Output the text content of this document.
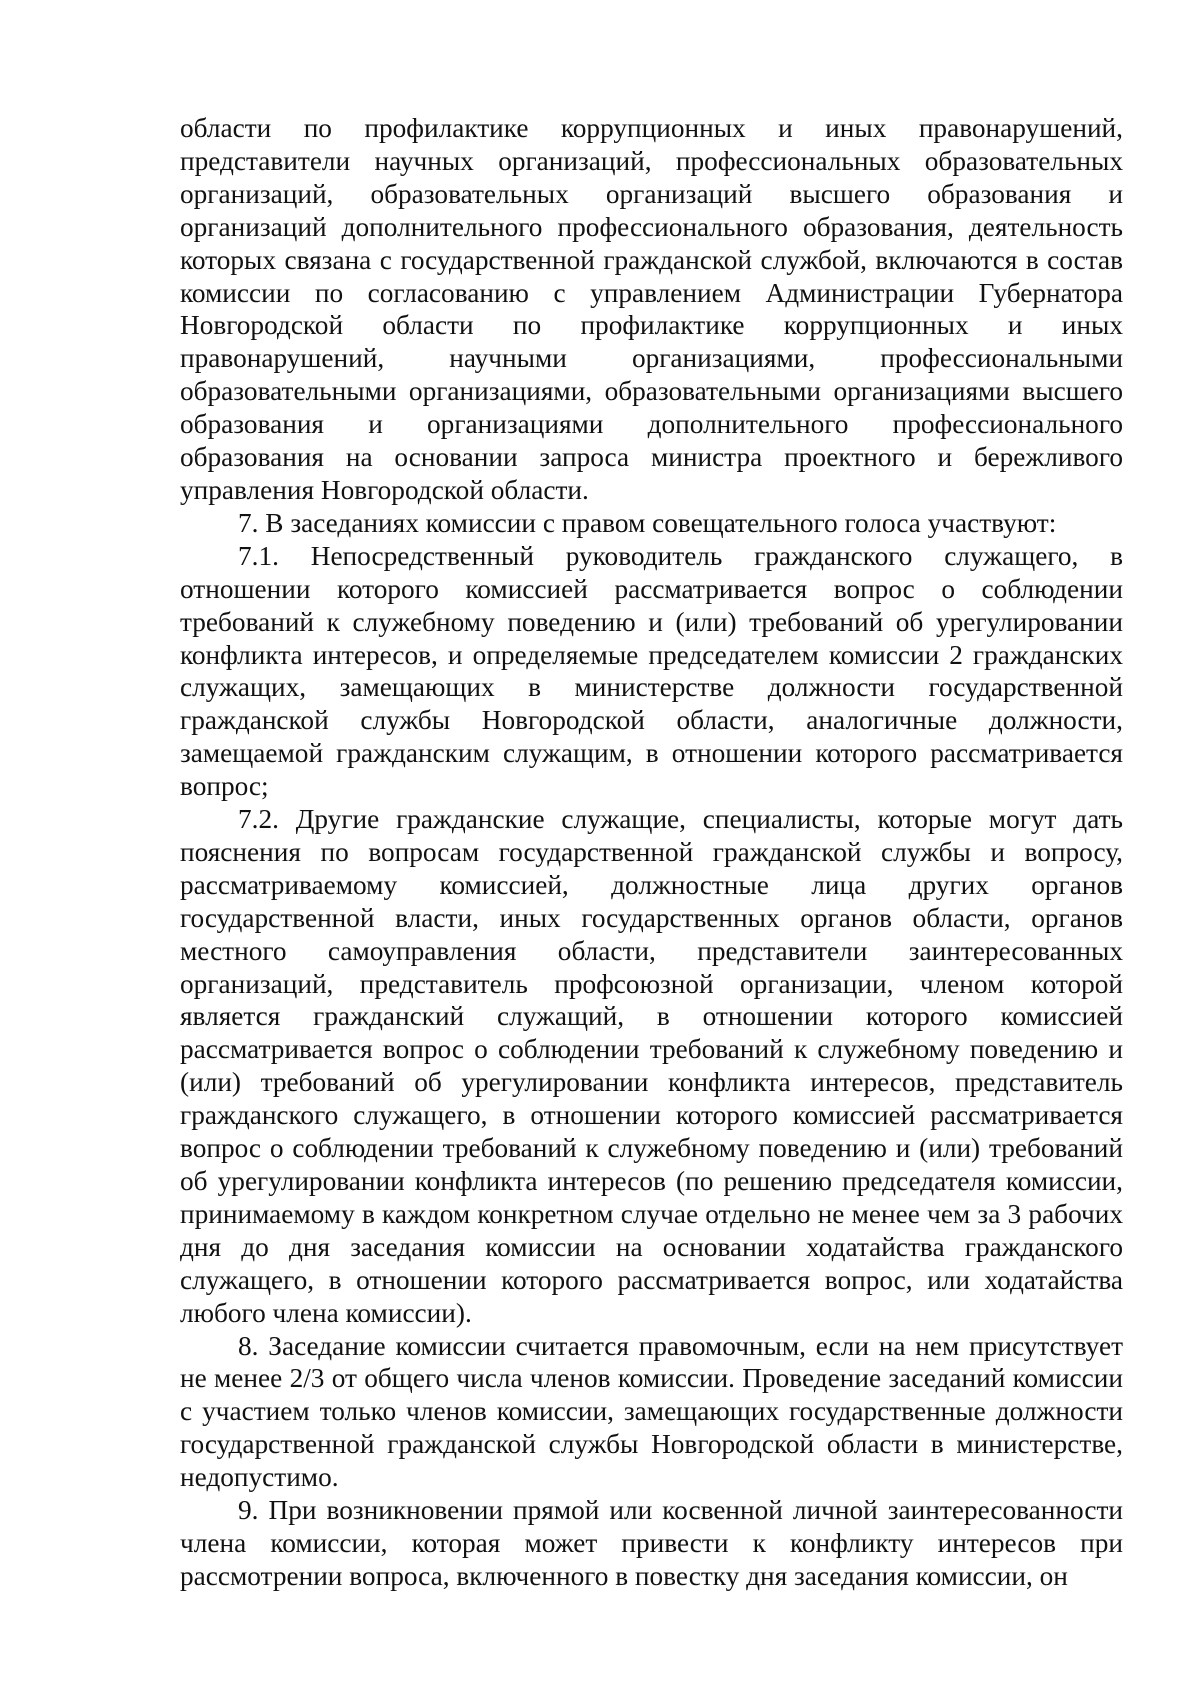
области по профилактике коррупционных и иных правонарушений, представители научных организаций, профессиональных образовательных организаций, образовательных организаций высшего образования и организаций дополнительного профессионального образования, деятельность которых связана с государственной гражданской службой, включаются в состав комиссии по согласованию с управлением Администрации Губернатора Новгородской области по профилактике коррупционных и иных правонарушений, научными организациями, профессиональными образовательными организациями, образовательными организациями высшего образования и организациями дополнительного профессионального образования на основании запроса министра проектного и бережливого управления Новгородской области.

7. В заседаниях комиссии с правом совещательного голоса участвуют:

7.1. Непосредственный руководитель гражданского служащего, в отношении которого комиссией рассматривается вопрос о соблюдении требований к служебному поведению и (или) требований об урегулировании конфликта интересов, и определяемые председателем комиссии 2 гражданских служащих, замещающих в министерстве должности государственной гражданской службы Новгородской области, аналогичные должности, замещаемой гражданским служащим, в отношении которого рассматривается вопрос;

7.2. Другие гражданские служащие, специалисты, которые могут дать пояснения по вопросам государственной гражданской службы и вопросу, рассматриваемому комиссией, должностные лица других органов государственной власти, иных государственных органов области, органов местного самоуправления области, представители заинтересованных организаций, представитель профсоюзной организации, членом которой является гражданский служащий, в отношении которого комиссией рассматривается вопрос о соблюдении требований к служебному поведению и (или) требований об урегулировании конфликта интересов, представитель гражданского служащего, в отношении которого комиссией рассматривается вопрос о соблюдении требований к служебному поведению и (или) требований об урегулировании конфликта интересов (по решению председателя комиссии, принимаемому в каждом конкретном случае отдельно не менее чем за 3 рабочих дня до дня заседания комиссии на основании ходатайства гражданского служащего, в отношении которого рассматривается вопрос, или ходатайства любого члена комиссии).

8. Заседание комиссии считается правомочным, если на нем присутствует не менее 2/3 от общего числа членов комиссии. Проведение заседаний комиссии с участием только членов комиссии, замещающих государственные должности государственной гражданской службы Новгородской области в министерстве, недопустимо.

9. При возникновении прямой или косвенной личной заинтересованности члена комиссии, которая может привести к конфликту интересов при рассмотрении вопроса, включенного в повестку дня заседания комиссии, он
